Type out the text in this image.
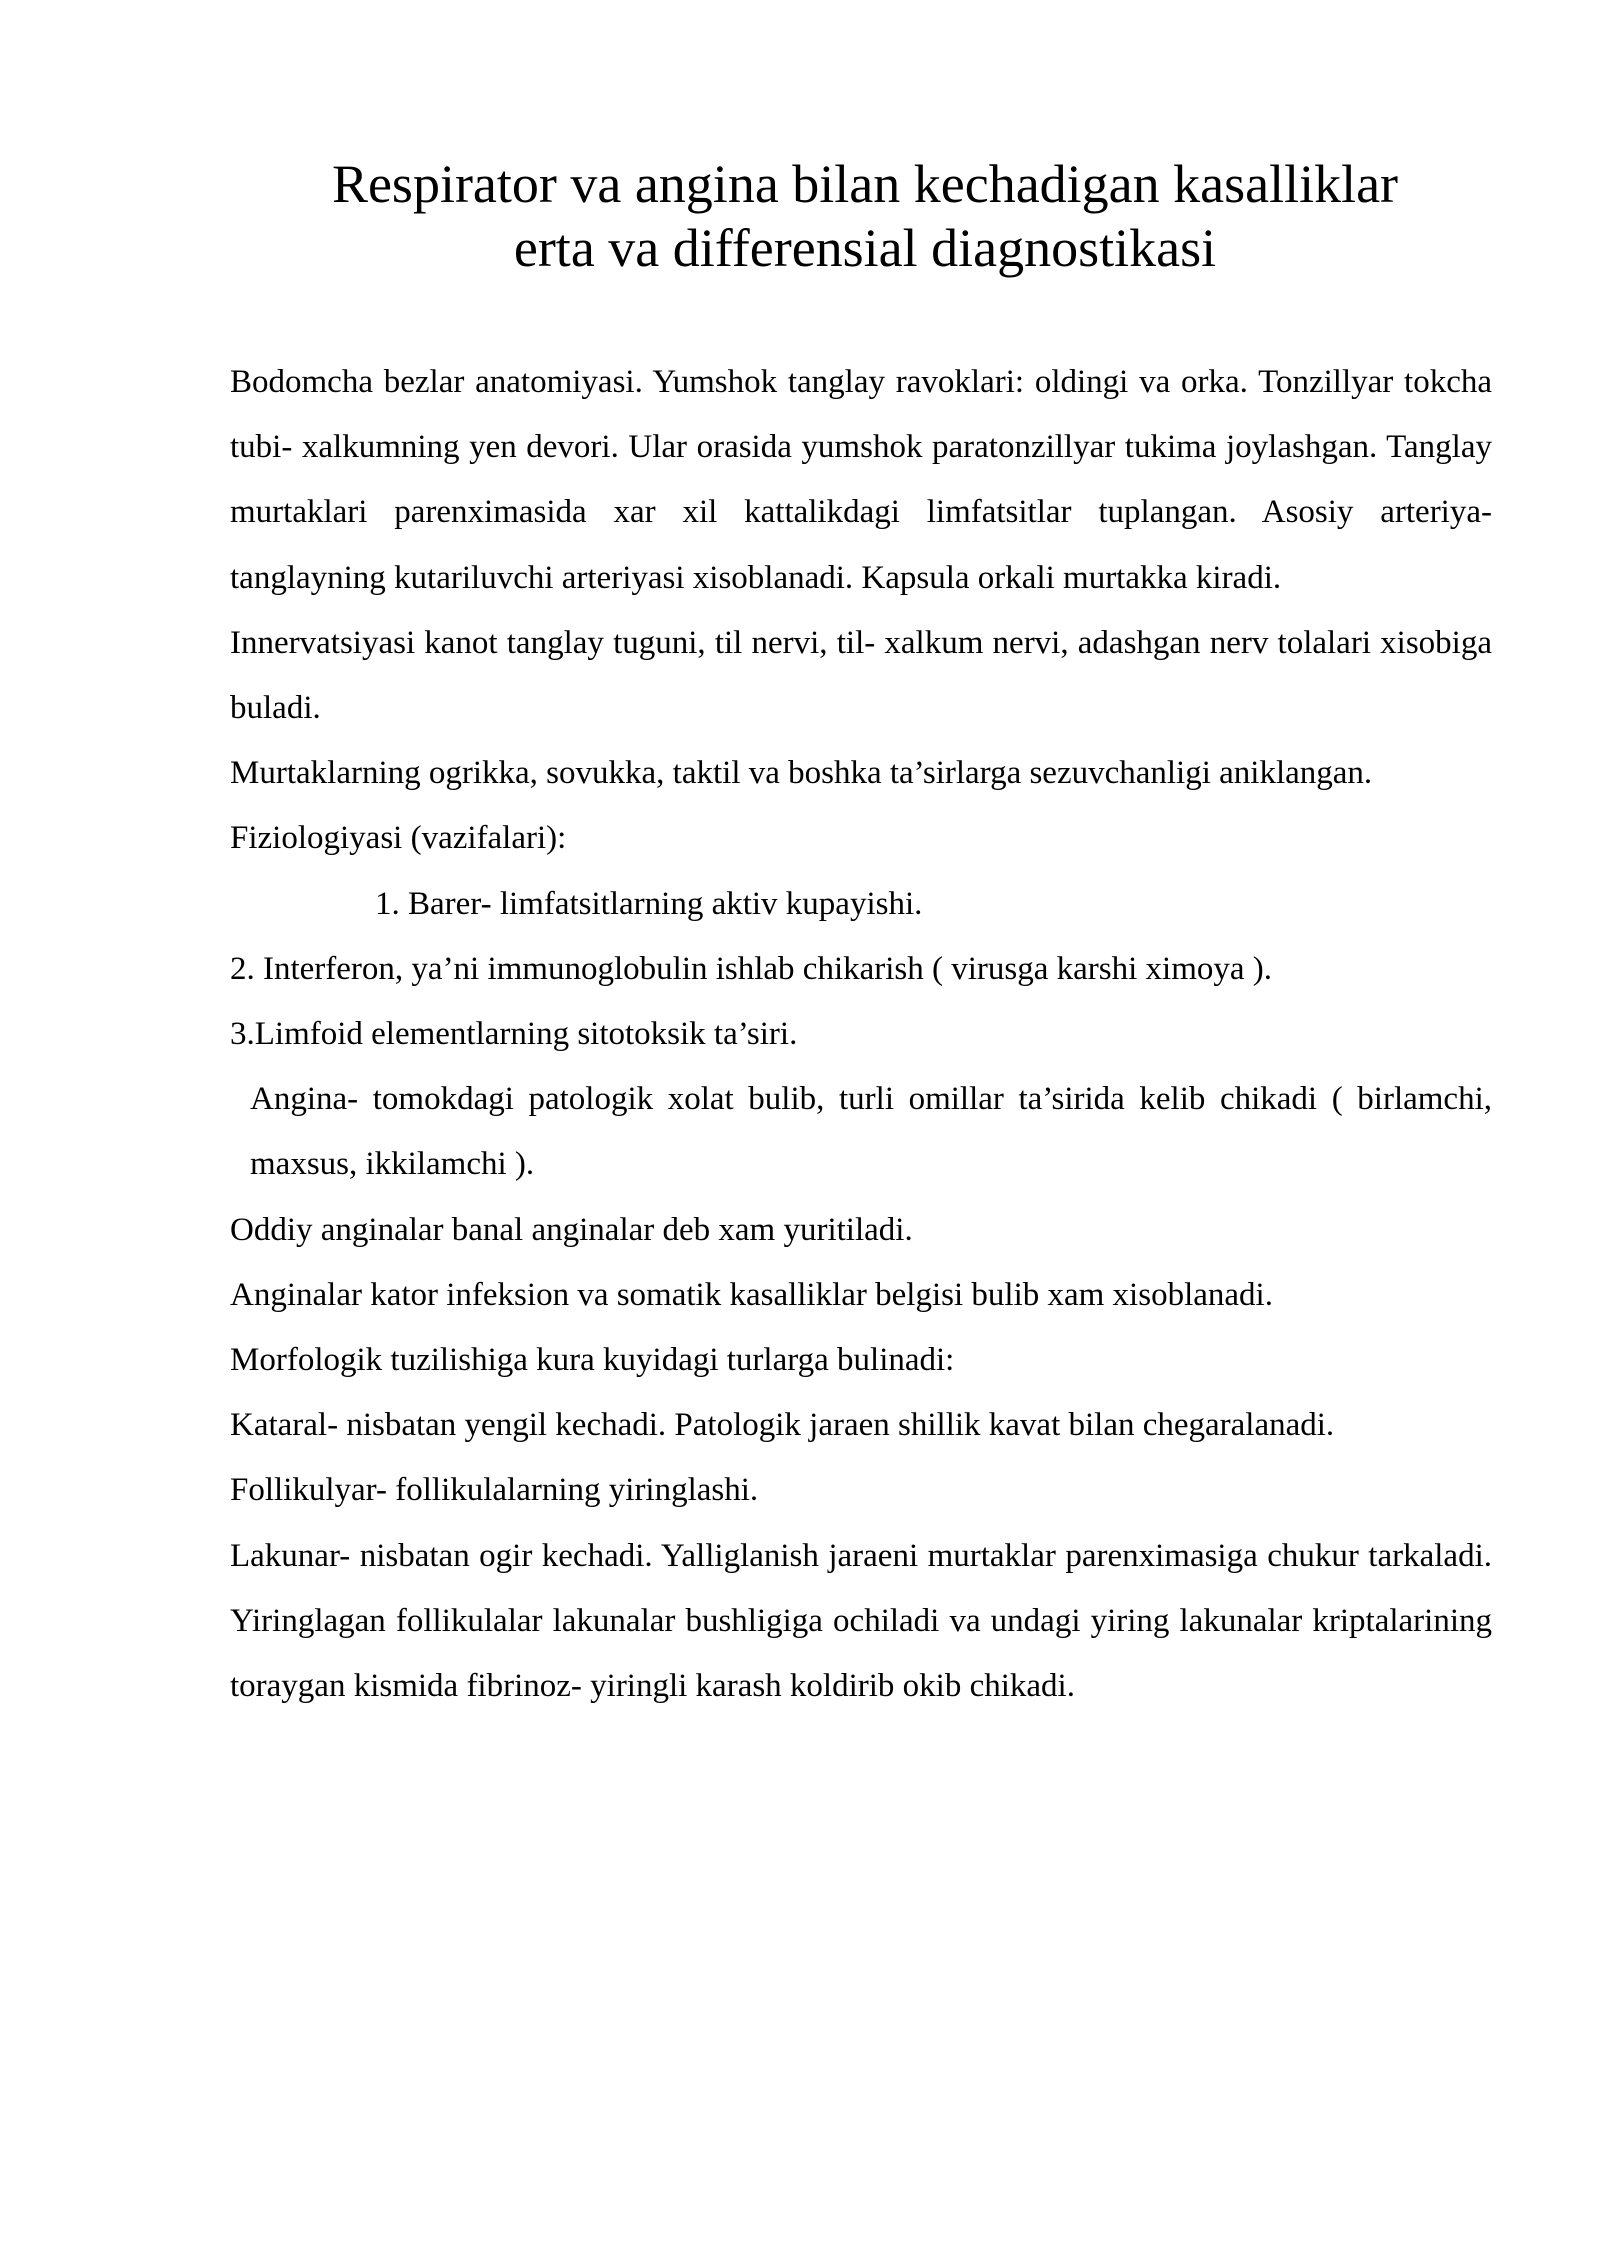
Respirator va angina bilan kechadigan kasalliklar
erta va differensial diagnostikasi

Bodomcha bezlar anatomiyasi. Yumshok tanglay ravoklari: oldingi va orka. Tonzillyar tokcha tubi- xalkumning yen devori. Ular orasida yumshok paratonzillyar tukima joylashgan. Tanglay murtaklari parenximasida xar xil kattalikdagi limfatsitlar tuplangan. Asosiy arteriya- tanglayning kutariluvchi arteriyasi xisoblanadi. Kapsula orkali murtakka kiradi.

Innervatsiyasi kanot tanglay tuguni, til nervi, til- xalkum nervi, adashgan nerv tolalari xisobiga buladi.

Murtaklarning ogrikka, sovukka, taktil va boshka ta’sirlarga sezuvchanligi aniklangan.

Fiziologiyasi (vazifalari):

1. Barer- limfatsitlarning aktiv kupayishi.

2. Interferon, ya’ni immunoglobulin ishlab chikarish ( virusga karshi ximoya ).

3.Limfoid elementlarning sitotoksik ta’siri.

Angina- tomokdagi patologik xolat bulib, turli omillar ta’sirida kelib chikadi ( birlamchi, maxsus, ikkilamchi ).

Oddiy anginalar banal anginalar deb xam yuritiladi.

Anginalar kator infeksion va somatik kasalliklar belgisi bulib xam xisoblanadi.

Morfologik tuzilishiga kura kuyidagi turlarga bulinadi:

Kataral- nisbatan yengil kechadi. Patologik jaraen shillik kavat bilan chegaralanadi.

Follikulyar- follikulalarning yiringlashi.

Lakunar- nisbatan ogir kechadi. Yalliglanish jaraeni murtaklar parenximasiga chukur tarkaladi. Yiringlagan follikulalar lakunalar bushligiga ochiladi va undagi yiring lakunalar kriptalarining toraygan kismida fibrinoz- yiringli karash koldirib okib chikadi.
